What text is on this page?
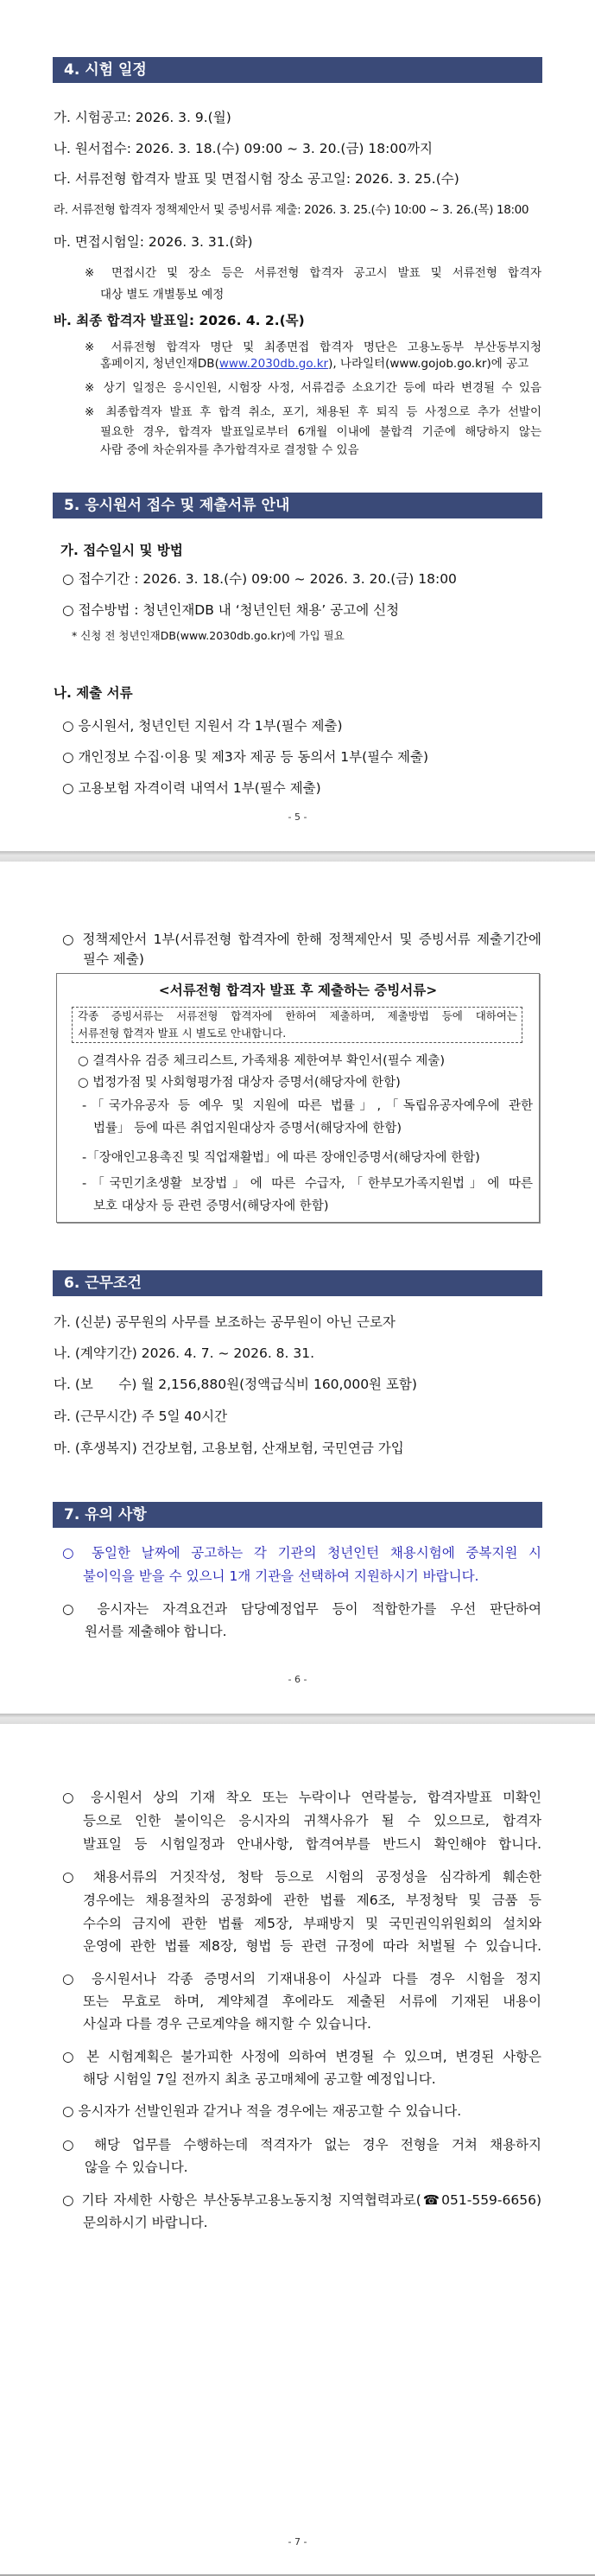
4. 시험 일정
가. 시험공고: 2026. 3. 9.(월)
나. 원서접수: 2026. 3. 18.(수) 09:00 ~ 3. 20.(금) 18:00까지
다. 서류전형 합격자 발표 및 면접시험 장소 공고일: 2026. 3. 25.(수)
라. 서류전형 합격자 정책제안서 및 증빙서류 제출: 2026. 3. 25.(수) 10:00 ~ 3. 26.(목) 18:00
마. 면접시험일: 2026. 3. 31.(화)
※ 면접시간 및 장소 등은 서류전형 합격자 공고시 발표 및 서류전형 합격자
대상 별도 개별통보 예정
바. 최종 합격자 발표일: 2026. 4. 2.(목)
※ 서류전형 합격자 명단 및 최종면접 합격자 명단은 고용노동부 부산동부지청
홈페이지, 청년인재DB(www.2030db.go.kr), 나라일터(www.gojob.go.kr)에 공고
※ 상기 일정은 응시인원, 시험장 사정, 서류검증 소요기간 등에 따라 변경될 수 있음
※ 최종합격자 발표 후 합격 취소, 포기, 채용된 후 퇴직 등 사정으로 추가 선발이
필요한 경우, 합격자 발표일로부터 6개월 이내에 불합격 기준에 해당하지 않는
사람 중에 차순위자를 추가합격자로 결정할 수 있음
5. 응시원서 접수 및 제출서류 안내
가. 접수일시 및 방법
○ 접수기간 : 2026. 3. 18.(수) 09:00 ~ 2026. 3. 20.(금) 18:00
○ 접수방법 : 청년인재DB 내 ‘청년인턴 채용’ 공고에 신청
* 신청 전 청년인재DB(www.2030db.go.kr)에 가입 필요
나. 제출 서류
○ 응시원서, 청년인턴 지원서 각 1부(필수 제출)
○ 개인정보 수집·이용 및 제3자 제공 등 동의서 1부(필수 제출)
○ 고용보험 자격이력 내역서 1부(필수 제출)
- 5 -
○ 정책제안서 1부(서류전형 합격자에 한해 정책제안서 및 증빙서류 제출기간에
필수 제출)
<서류전형 합격자 발표 후 제출하는 증빙서류>
각종 증빙서류는 서류전형 합격자에 한하여 제출하며, 제출방법 등에 대하여는
서류전형 합격자 발표 시 별도로 안내합니다.
○ 결격사유 검증 체크리스트, 가족채용 제한여부 확인서(필수 제출)
○ 법정가점 및 사회형평가점 대상자 증명서(해당자에 한함)
-「국가유공자 등 예우 및 지원에 따른 법률」,「독립유공자예우에 관한
법률」 등에 따른 취업지원대상자 증명서(해당자에 한함)
-「장애인고용촉진 및 직업재활법」에 따른 장애인증명서(해당자에 한함)
-「국민기초생활 보장법」에 따른 수급자,「한부모가족지원법」에 따른
보호 대상자 등 관련 증명서(해당자에 한함)
6. 근무조건
가. (신분) 공무원의 사무를 보조하는 공무원이 아닌 근로자
나. (계약기간) 2026. 4. 7. ~ 2026. 8. 31.
다. (보      수) 월 2,156,880원(정액급식비 160,000원 포함)
라. (근무시간) 주 5일 40시간
마. (후생복지) 건강보험, 고용보험, 산재보험, 국민연금 가입
7. 유의 사항
○ 동일한 날짜에 공고하는 각 기관의 청년인턴 채용시험에 중복지원 시
불이익을 받을 수 있으니 1개 기관을 선택하여 지원하시기 바랍니다.
○ 응시자는 자격요건과 담당예정업무 등이 적합한가를 우선 판단하여
원서를 제출해야 합니다.
- 6 -
○ 응시원서 상의 기재 착오 또는 누락이나 연락불능, 합격자발표 미확인
등으로 인한 불이익은 응시자의 귀책사유가 될 수 있으므로, 합격자
발표일 등 시험일정과 안내사항, 합격여부를 반드시 확인해야 합니다.
○ 채용서류의 거짓작성, 청탁 등으로 시험의 공정성을 심각하게 훼손한
경우에는 채용절차의 공정화에 관한 법률 제6조, 부정청탁 및 금품 등
수수의 금지에 관한 법률 제5장, 부패방지 및 국민권익위원회의 설치와
운영에 관한 법률 제8장, 형법 등 관련 규정에 따라 처벌될 수 있습니다.
○ 응시원서나 각종 증명서의 기재내용이 사실과 다를 경우 시험을 정지
또는 무효로 하며, 계약체결 후에라도 제출된 서류에 기재된 내용이
사실과 다를 경우 근로계약을 해지할 수 있습니다.
○ 본 시험계획은 불가피한 사정에 의하여 변경될 수 있으며, 변경된 사항은
해당 시험일 7일 전까지 최초 공고매체에 공고할 예정입니다.
○ 응시자가 선발인원과 같거나 적을 경우에는 재공고할 수 있습니다.
○ 해당 업무를 수행하는데 적격자가 없는 경우 전형을 거쳐 채용하지
않을 수 있습니다.
○ 기타 자세한 사항은 부산동부고용노동지청 지역협력과로(☎051-559-6656)
문의하시기 바랍니다.
- 7 -
